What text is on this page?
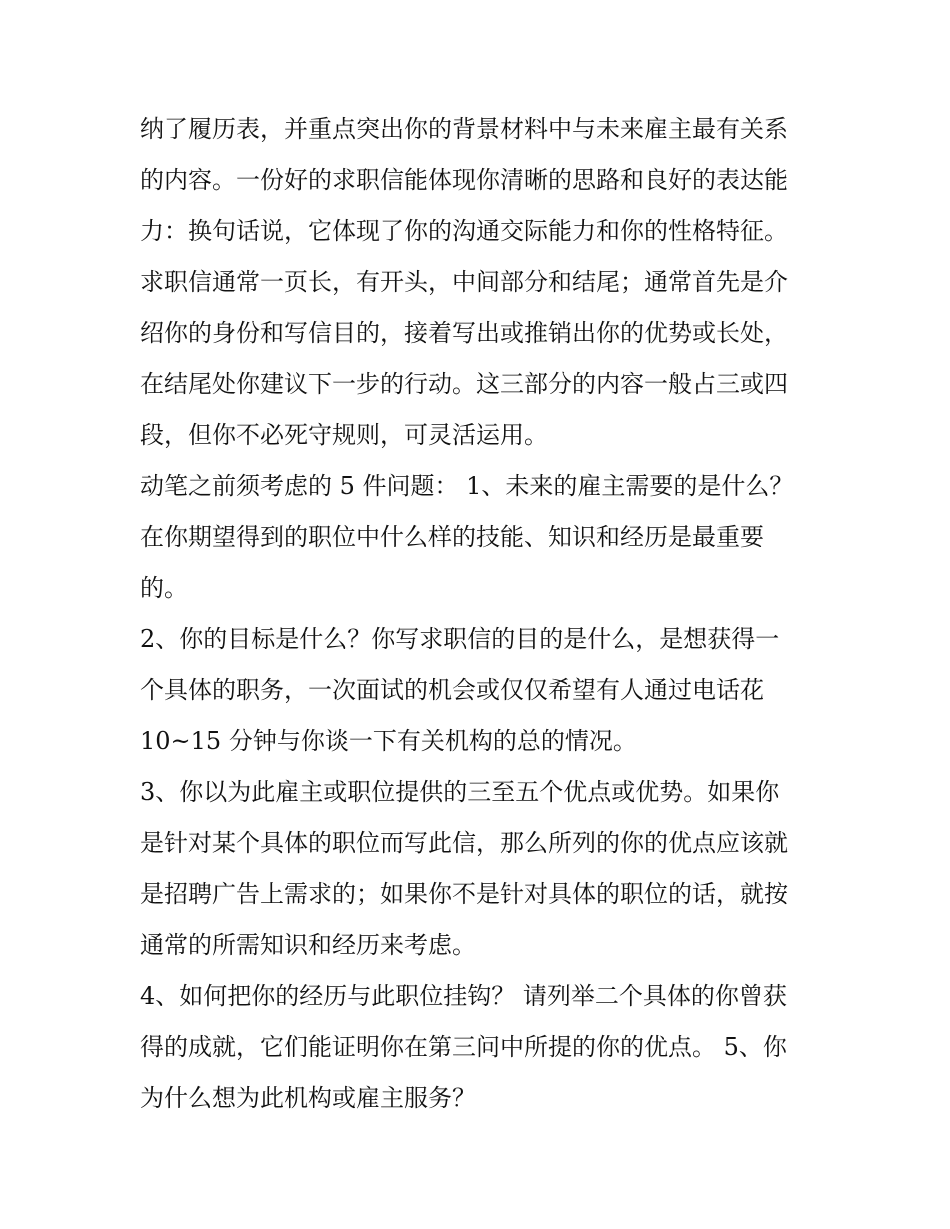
纳了履历表，并重点突出你的背景材料中与未来雇主最有关系
的内容。一份好的求职信能体现你清晰的思路和良好的表达能
力：换句话说，它体现了你的沟通交际能力和你的性格特征。
求职信通常一页长，有开头，中间部分和结尾；通常首先是介
绍你的身份和写信目的，接着写出或推销出你的优势或长处，
在结尾处你建议下一步的行动。这三部分的内容一般占三或四
段，但你不必死守规则，可灵活运用。
动笔之前须考虑的 5 件问题： 1、未来的雇主需要的是什么？
在你期望得到的职位中什么样的技能、知识和经历是最重要
的。
2、你的目标是什么？你写求职信的目的是什么，是想获得一
个具体的职务，一次面试的机会或仅仅希望有人通过电话花
10~15 分钟与你谈一下有关机构的总的情况。
3、你以为此雇主或职位提供的三至五个优点或优势。如果你
是针对某个具体的职位而写此信，那么所列的你的优点应该就
是招聘广告上需求的；如果你不是针对具体的职位的话，就按
通常的所需知识和经历来考虑。
4、如何把你的经历与此职位挂钩？ 请列举二个具体的你曾获
得的成就，它们能证明你在第三问中所提的你的优点。 5、你
为什么想为此机构或雇主服务？
